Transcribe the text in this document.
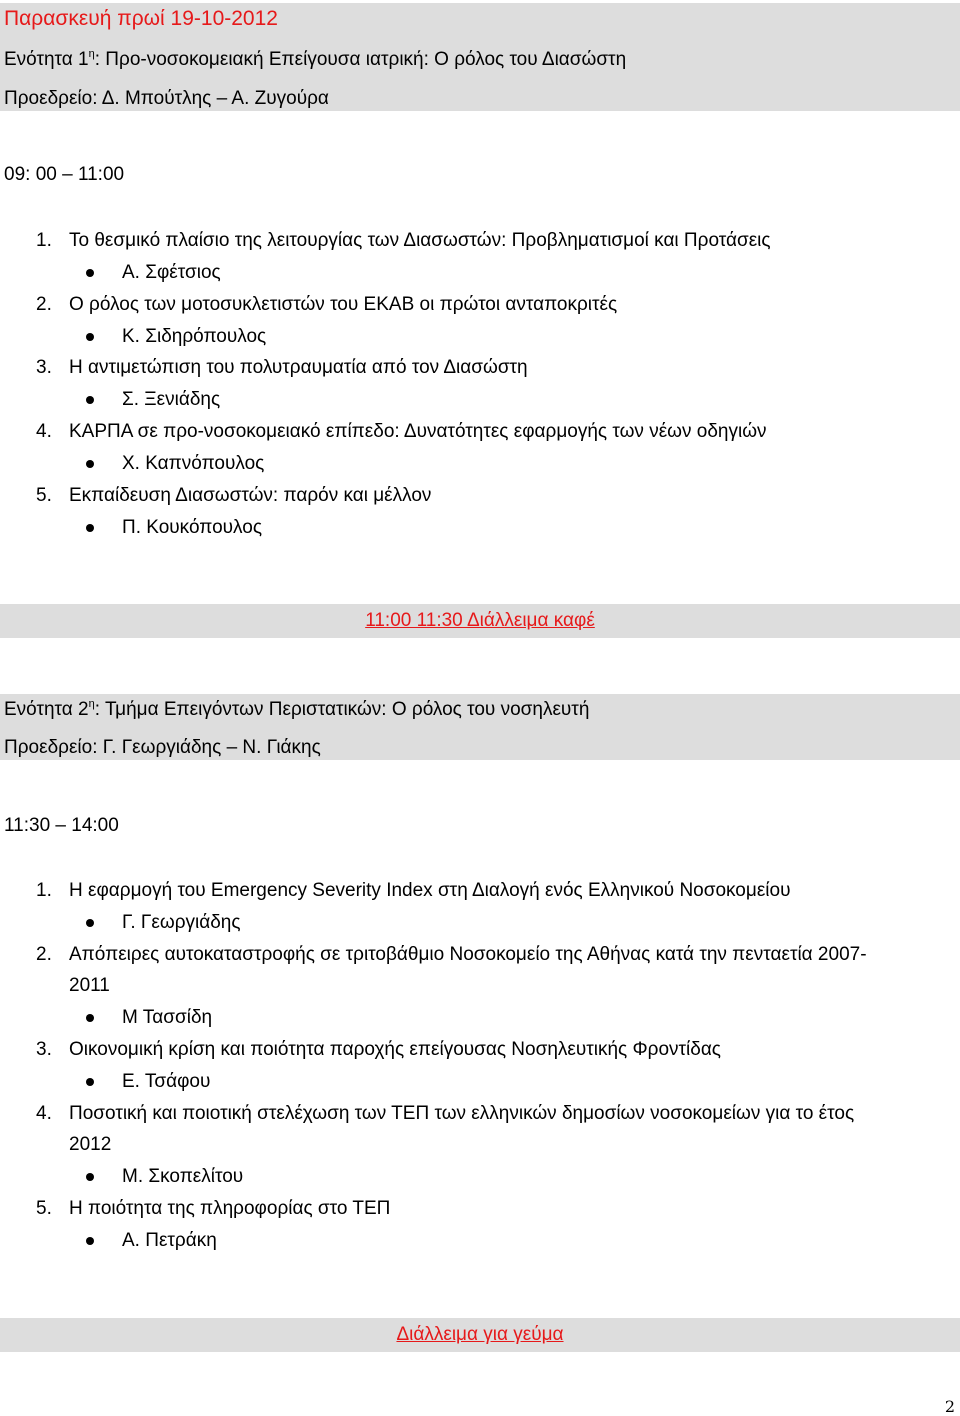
Παρασκευή πρωί 19-10-2012
Ενότητα $1^\eta$: Προ-νοσοκομειακή Επείγουσα ιατρική: Ο ρόλος του Διασώστη
Προεδρείο: Δ. Μπούτλης – Α. Ζυγούρα
09: 00 – 11:00
1. Το θεσμικό πλαίσιο της λειτουργίας των Διασωστών: Προβληματισμοί και Προτάσεις
Α. Σφέτσιος
2. Ο ρόλος των μοτοσυκλετιστών του ΕΚΑΒ οι πρώτοι ανταποκριτές
Κ. Σιδηρόπουλος
3. Η αντιμετώπιση του πολυτραυματία από τον Διασώστη
Σ. Ξενιάδης
4. ΚΑΡΠΑ σε προ-νοσοκομειακό επίπεδο: Δυνατότητες εφαρμογής των νέων οδηγιών
Χ. Καπνόπουλος
5. Εκπαίδευση Διασωστών: παρόν και μέλλον
Π. Κουκόπουλος
11:00 11:30 Διάλλειμα καφέ
Ενότητα $2^\eta$: Τμήμα Επειγόντων Περιστατικών: Ο ρόλος του νοσηλευτή
Προεδρείο: Γ. Γεωργιάδης – Ν. Γιάκης
11:30 – 14:00
1. Η εφαρμογή του Emergency Severity Index στη Διαλογή ενός Ελληνικού Νοσοκομείου
Γ. Γεωργιάδης
2. Απόπειρες αυτοκαταστροφής σε τριτοβάθμιο Νοσοκομείο της Αθήνας κατά την πενταετία 2007-
2011
Μ Τασσίδη
3. Οικονομική κρίση και ποιότητα παροχής επείγουσας Νοσηλευτικής Φροντίδας
Ε. Τσάφου
4. Ποσοτική και ποιοτική στελέχωση των ΤΕΠ των ελληνικών δημοσίων νοσοκομείων για το έτος
2012
Μ. Σκοπελίτου
5. Η ποιότητα της πληροφορίας στο ΤΕΠ
Α. Πετράκη
Διάλλειμα για γεύμα
2
